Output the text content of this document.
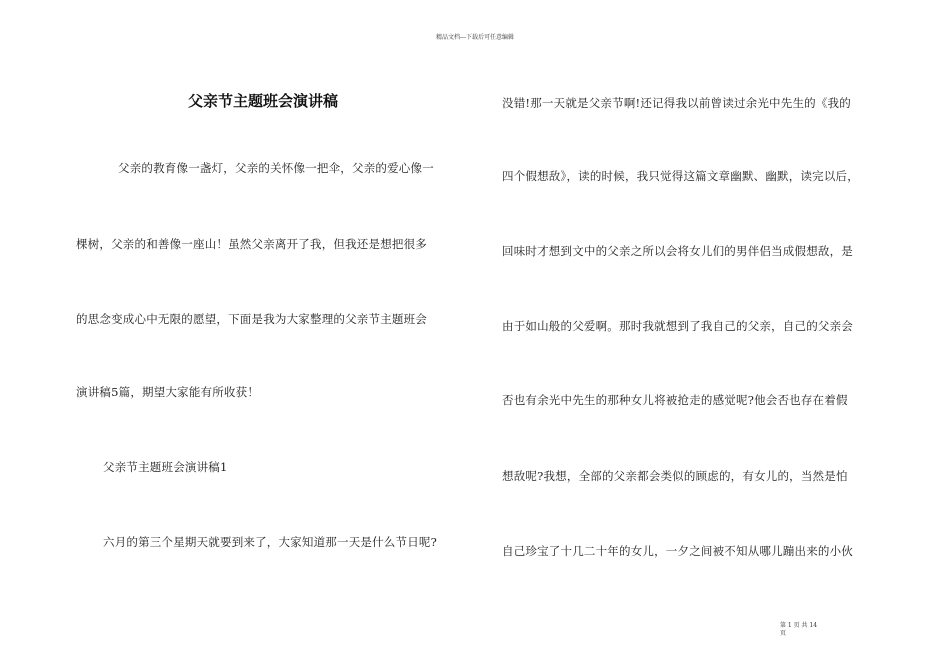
精品文档---下载后可任意编辑
父亲节主题班会演讲稿
父亲的教育像一盏灯，父亲的关怀像一把伞，父亲的爱心像一
棵树，父亲的和善像一座山！虽然父亲离开了我，但我还是想把很多
的思念变成心中无限的愿望，下面是我为大家整理的父亲节主题班会
演讲稿5篇，期望大家能有所收获！
父亲节主题班会演讲稿1
六月的第三个星期天就要到来了，大家知道那一天是什么节日呢?
没错!那一天就是父亲节啊!还记得我以前曾读过余光中先生的《我的
四个假想敌》，读的时候，我只觉得这篇文章幽默、幽默，读完以后，
回味时才想到文中的父亲之所以会将女儿们的男伴侣当成假想敌，是
由于如山般的父爱啊。那时我就想到了我自己的父亲，自己的父亲会
否也有余光中先生的那种女儿将被抢走的感觉呢?他会否也存在着假
想敌呢?我想，全部的父亲都会类似的顾虑的，有女儿的，当然是怕
自己珍宝了十几二十年的女儿，一夕之间被不知从哪儿蹦出来的小伙
第 1 页 共 14
页
